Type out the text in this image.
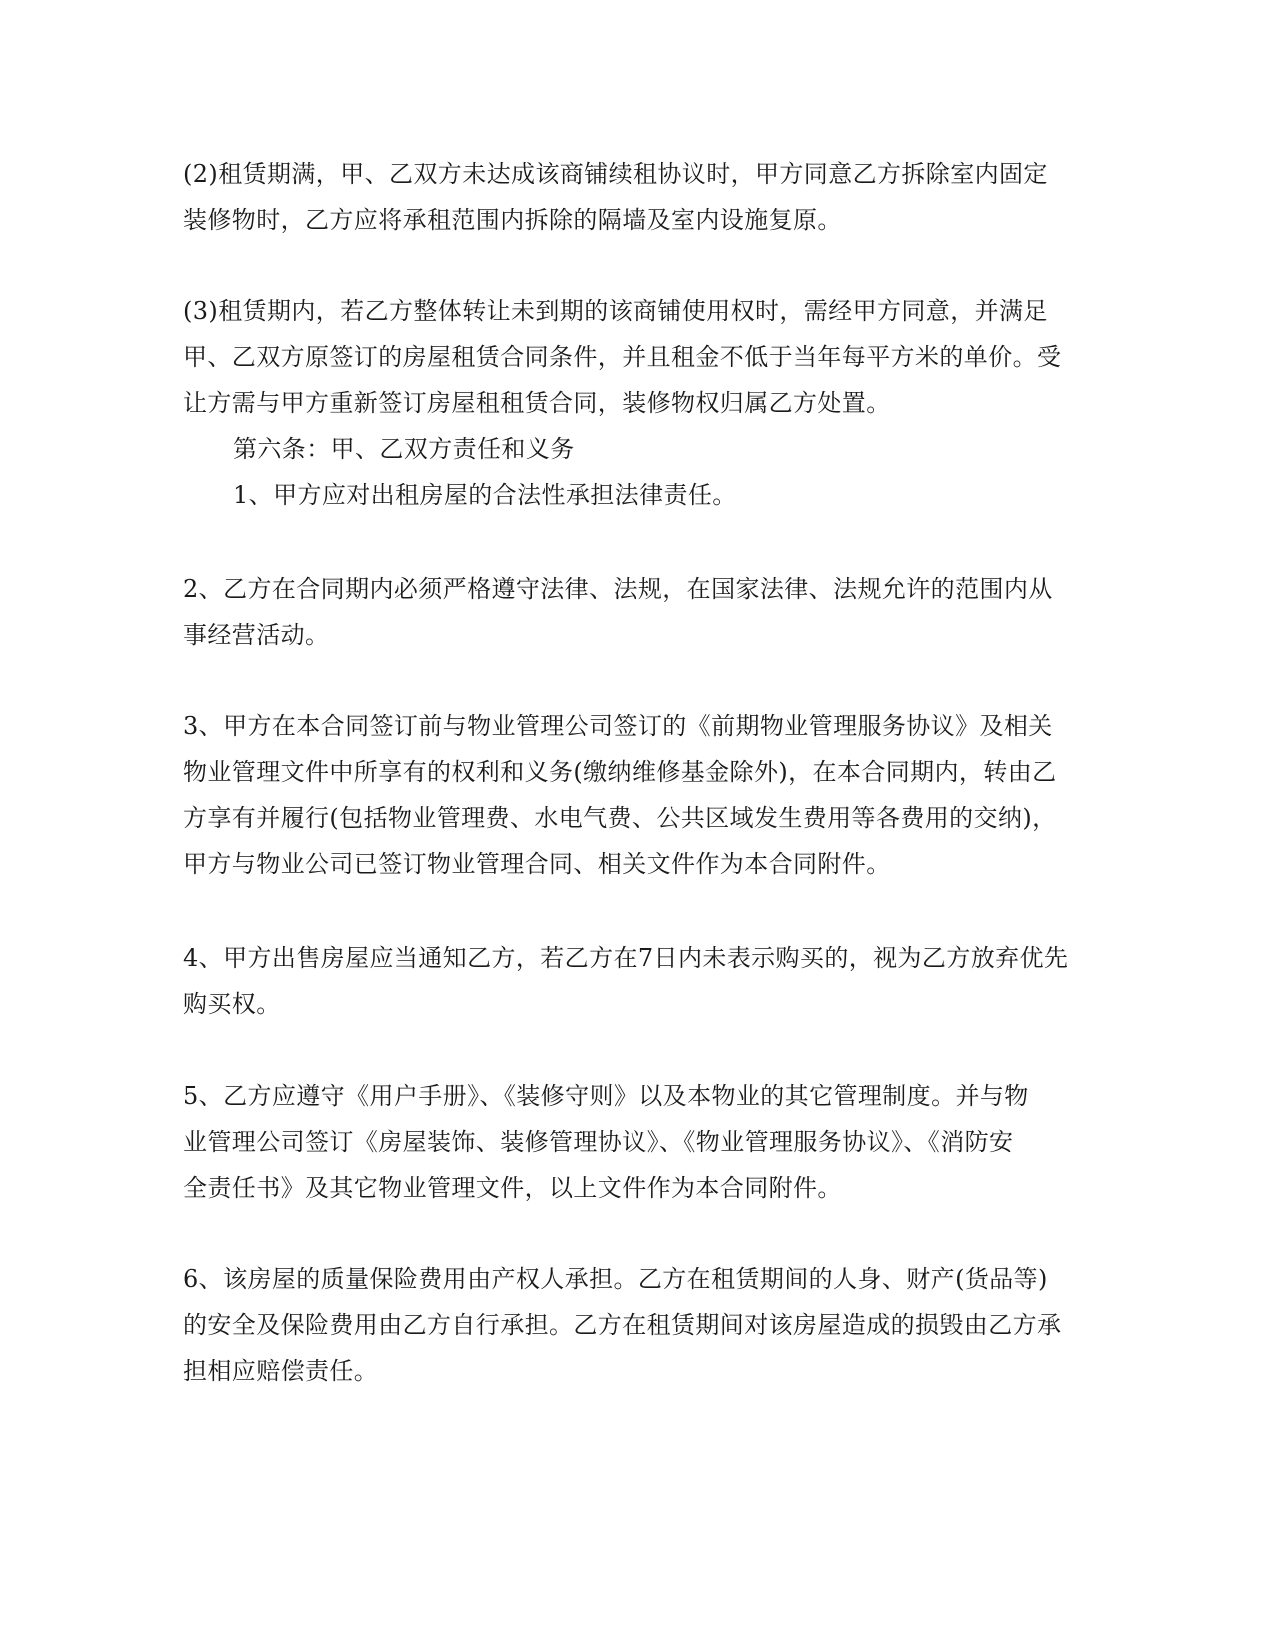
(2)租赁期满，甲、乙双方未达成该商铺续租协议时，甲方同意乙方拆除室内固定
装修物时，乙方应将承租范围内拆除的隔墙及室内设施复原。

(3)租赁期内，若乙方整体转让未到期的该商铺使用权时，需经甲方同意，并满足
甲、乙双方原签订的房屋租赁合同条件，并且租金不低于当年每平方米的单价。受
让方需与甲方重新签订房屋租租赁合同，装修物权归属乙方处置。

第六条：甲、乙双方责任和义务

1、甲方应对出租房屋的合法性承担法律责任。

2、乙方在合同期内必须严格遵守法律、法规，在国家法律、法规允许的范围内从
事经营活动。

3、甲方在本合同签订前与物业管理公司签订的《前期物业管理服务协议》及相关
物业管理文件中所享有的权利和义务(缴纳维修基金除外)，在本合同期内，转由乙
方享有并履行(包括物业管理费、水电气费、公共区域发生费用等各费用的交纳)，
甲方与物业公司已签订物业管理合同、相关文件作为本合同附件。

4、甲方出售房屋应当通知乙方，若乙方在7日内未表示购买的，视为乙方放弃优先
购买权。

5、乙方应遵守《用户手册》、《装修守则》以及本物业的其它管理制度。并与物
业管理公司签订《房屋装饰、装修管理协议》、《物业管理服务协议》、《消防安
全责任书》及其它物业管理文件，以上文件作为本合同附件。

6、该房屋的质量保险费用由产权人承担。乙方在租赁期间的人身、财产(货品等)
的安全及保险费用由乙方自行承担。乙方在租赁期间对该房屋造成的损毁由乙方承
担相应赔偿责任。
